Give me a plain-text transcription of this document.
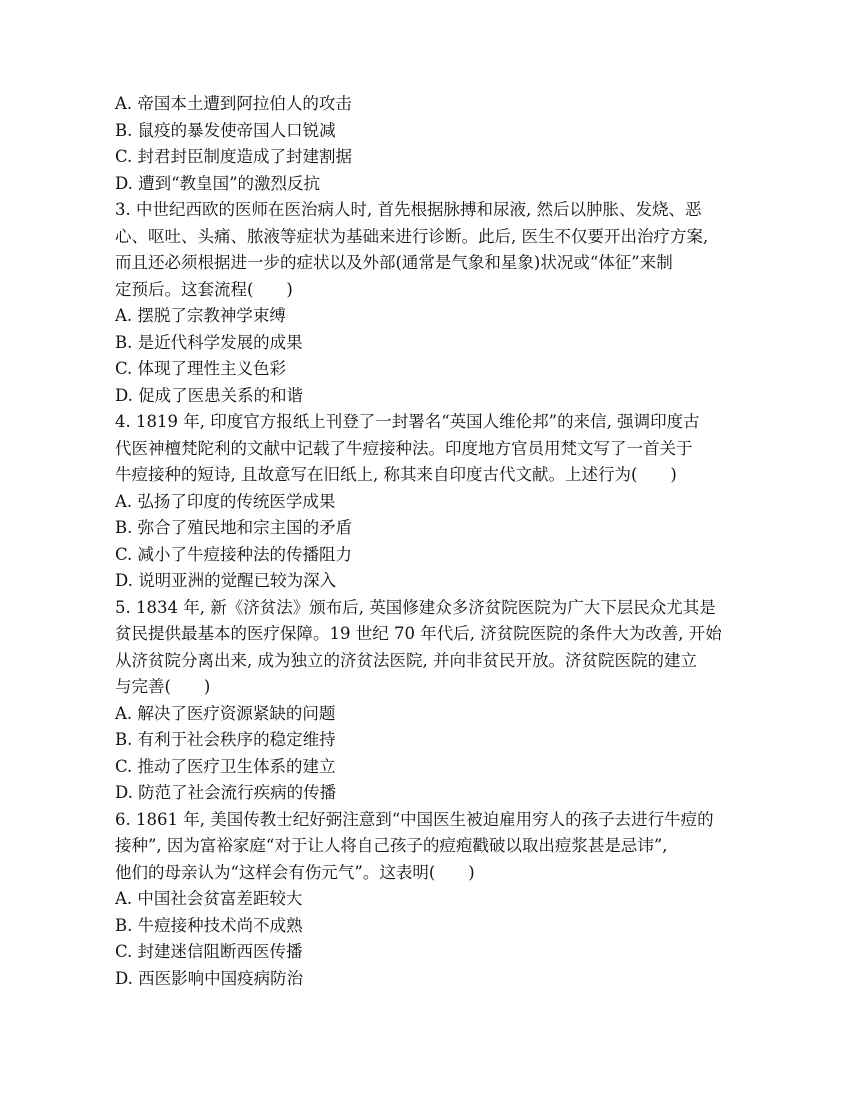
A. 帝国本土遭到阿拉伯人的攻击
B. 鼠疫的暴发使帝国人口锐减
C. 封君封臣制度造成了封建割据
D. 遭到“教皇国”的激烈反抗
3. 中世纪西欧的医师在医治病人时, 首先根据脉搏和尿液, 然后以肿胀、发烧、恶
心、呕吐、头痛、脓液等症状为基础来进行诊断。此后, 医生不仅要开出治疗方案,
而且还必须根据进一步的症状以及外部(通常是气象和星象)状况或“体征”来制
定预后。这套流程(　　)
A. 摆脱了宗教神学束缚
B. 是近代科学发展的成果
C. 体现了理性主义色彩
D. 促成了医患关系的和谐
4. 1819 年, 印度官方报纸上刊登了一封署名“英国人维伦邦”的来信, 强调印度古
代医神檀梵陀利的文献中记载了牛痘接种法。印度地方官员用梵文写了一首关于
牛痘接种的短诗, 且故意写在旧纸上, 称其来自印度古代文献。上述行为(　　)
A. 弘扬了印度的传统医学成果
B. 弥合了殖民地和宗主国的矛盾
C. 减小了牛痘接种法的传播阻力
D. 说明亚洲的觉醒已较为深入
5. 1834 年, 新《济贫法》颁布后, 英国修建众多济贫院医院为广大下层民众尤其是
贫民提供最基本的医疗保障。19 世纪 70 年代后, 济贫院医院的条件大为改善, 开始
从济贫院分离出来, 成为独立的济贫法医院, 并向非贫民开放。济贫院医院的建立
与完善(　　)
A. 解决了医疗资源紧缺的问题
B. 有利于社会秩序的稳定维持
C. 推动了医疗卫生体系的建立
D. 防范了社会流行疾病的传播
6. 1861 年, 美国传教士纪好弼注意到“中国医生被迫雇用穷人的孩子去进行牛痘的
接种”, 因为富裕家庭“对于让人将自己孩子的痘疱戳破以取出痘浆甚是忌讳”,
他们的母亲认为“这样会有伤元气”。这表明(　　)
A. 中国社会贫富差距较大
B. 牛痘接种技术尚不成熟
C. 封建迷信阻断西医传播
D. 西医影响中国疫病防治
